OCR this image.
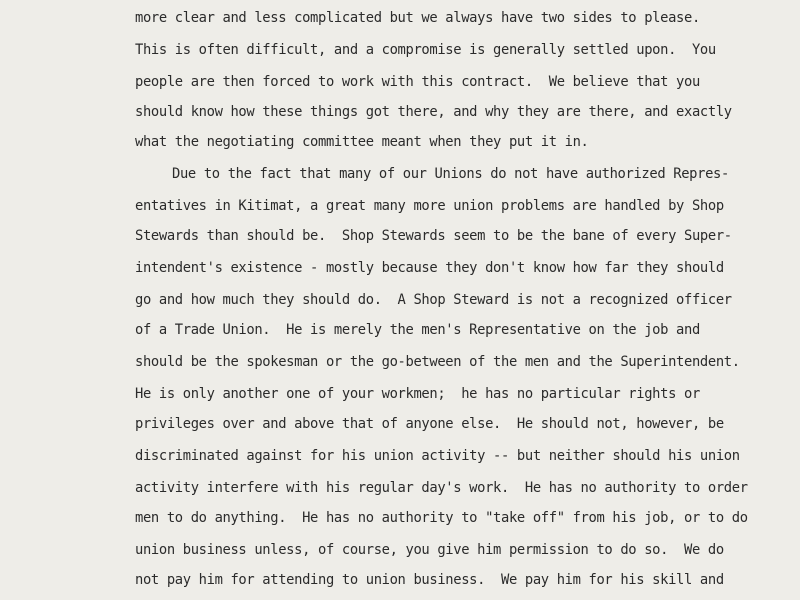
more clear and less complicated but we always have two sides to please.
This is often difficult, and a compromise is generally settled upon.  You
people are then forced to work with this contract.  We believe that you
should know how these things got there, and why they are there, and exactly
what the negotiating committee meant when they put it in.
Due to the fact that many of our Unions do not have authorized Repres-
entatives in Kitimat, a great many more union problems are handled by Shop
Stewards than should be.  Shop Stewards seem to be the bane of every Super-
intendent's existence - mostly because they don't know how far they should
go and how much they should do.  A Shop Steward is not a recognized officer
of a Trade Union.  He is merely the men's Representative on the job and
should be the spokesman or the go-between of the men and the Superintendent.
He is only another one of your workmen;  he has no particular rights or
privileges over and above that of anyone else.  He should not, however, be
discriminated against for his union activity -- but neither should his union
activity interfere with his regular day's work.  He has no authority to order
men to do anything.  He has no authority to "take off" from his job, or to do
union business unless, of course, you give him permission to do so.  We do
not pay him for attending to union business.  We pay him for his skill and
